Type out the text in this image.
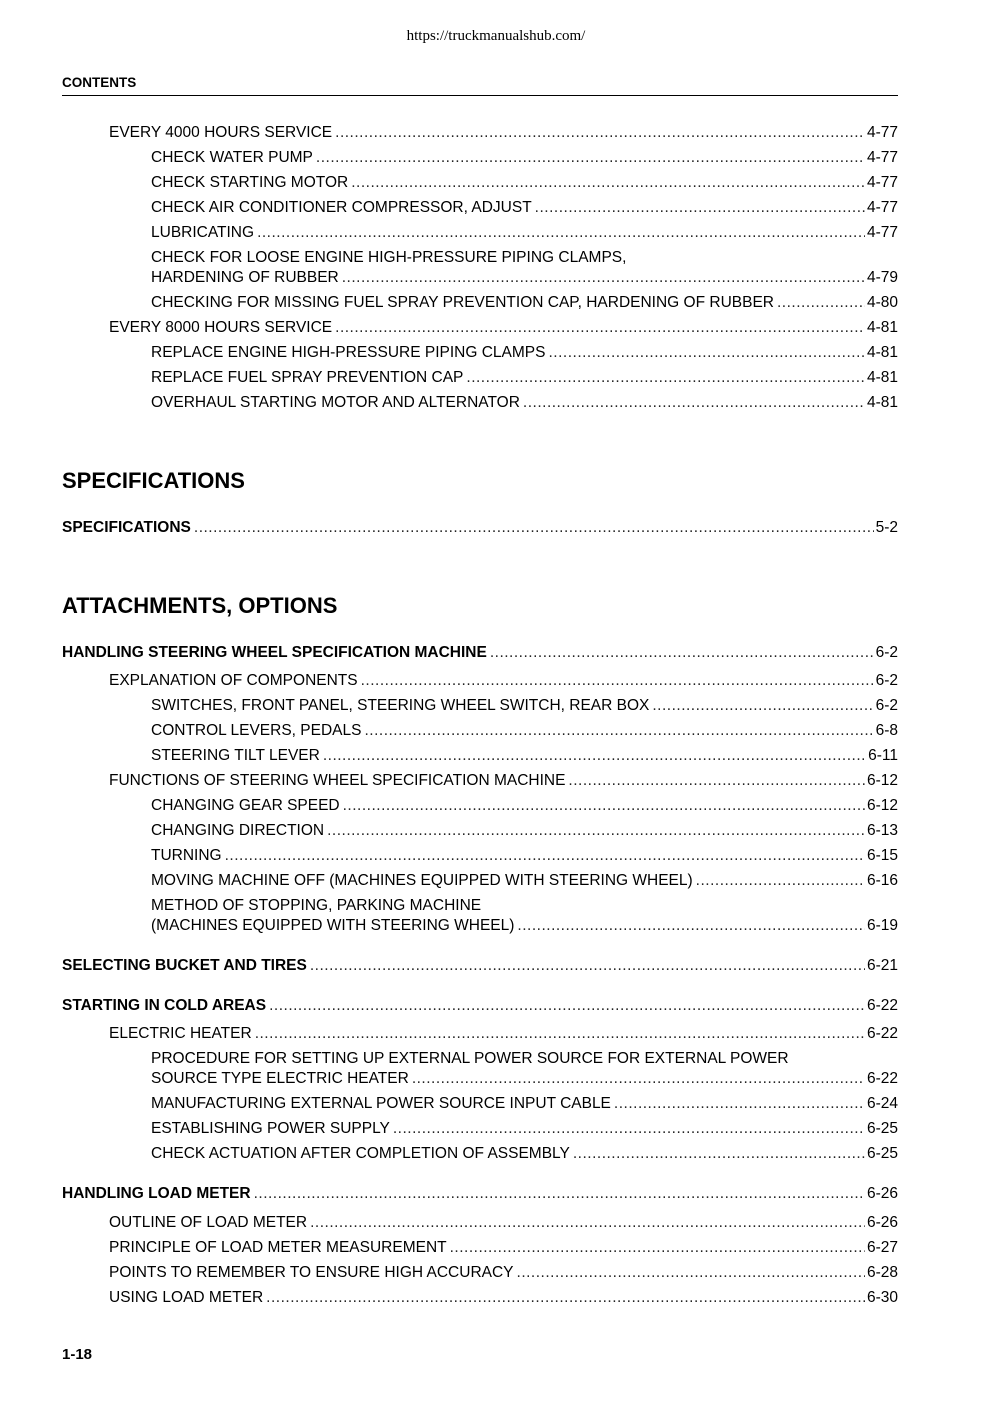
https://truckmanualshub.com/
CONTENTS
EVERY 4000 HOURS SERVICE .....	4-77
CHECK WATER PUMP .....	4-77
CHECK STARTING MOTOR .....	4-77
CHECK AIR CONDITIONER COMPRESSOR, ADJUST .....	4-77
LUBRICATING .....	4-77
CHECK FOR LOOSE ENGINE HIGH-PRESSURE PIPING CLAMPS,
HARDENING OF RUBBER .....	4-79
CHECKING FOR MISSING FUEL SPRAY PREVENTION CAP, HARDENING OF RUBBER .....	4-80
EVERY 8000 HOURS SERVICE .....	4-81
REPLACE ENGINE HIGH-PRESSURE PIPING CLAMPS .....	4-81
REPLACE FUEL SPRAY PREVENTION CAP .....	4-81
OVERHAUL STARTING MOTOR AND ALTERNATOR .....	4-81
SPECIFICATIONS
SPECIFICATIONS .....	5-2
ATTACHMENTS, OPTIONS
HANDLING STEERING WHEEL SPECIFICATION MACHINE .....	6-2
EXPLANATION OF COMPONENTS .....	6-2
SWITCHES, FRONT PANEL, STEERING WHEEL SWITCH, REAR BOX .....	6-2
CONTROL LEVERS, PEDALS .....	6-8
STEERING TILT LEVER .....	6-11
FUNCTIONS OF STEERING WHEEL SPECIFICATION MACHINE .....	6-12
CHANGING GEAR SPEED .....	6-12
CHANGING DIRECTION .....	6-13
TURNING .....	6-15
MOVING MACHINE OFF (MACHINES EQUIPPED WITH STEERING WHEEL) .....	6-16
METHOD OF STOPPING, PARKING MACHINE
(MACHINES EQUIPPED WITH STEERING WHEEL) .....	6-19
SELECTING BUCKET AND TIRES .....	6-21
STARTING IN COLD AREAS .....	6-22
ELECTRIC HEATER .....	6-22
PROCEDURE FOR SETTING UP EXTERNAL POWER SOURCE FOR EXTERNAL POWER
SOURCE TYPE ELECTRIC HEATER .....	6-22
MANUFACTURING EXTERNAL POWER SOURCE INPUT CABLE .....	6-24
ESTABLISHING POWER SUPPLY .....	6-25
CHECK ACTUATION AFTER COMPLETION OF ASSEMBLY .....	6-25
HANDLING LOAD METER .....	6-26
OUTLINE OF LOAD METER .....	6-26
PRINCIPLE OF LOAD METER MEASUREMENT .....	6-27
POINTS TO REMEMBER TO ENSURE HIGH ACCURACY .....	6-28
USING LOAD METER .....	6-30
1-18
